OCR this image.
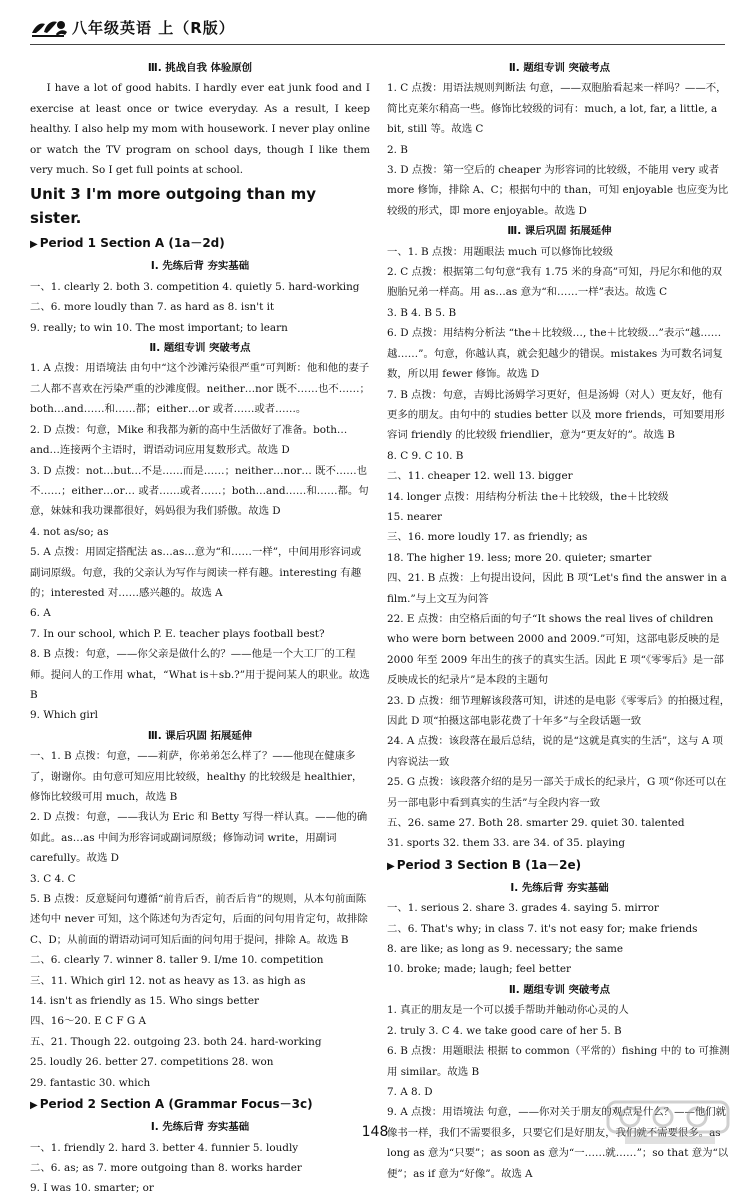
八年级英语 上（R版）
Ⅲ. 挑战自我 体验原创
I have a lot of good habits. I hardly ever eat junk food and I exercise at least once or twice everyday. As a result, I keep healthy. I also help my mom with housework. I never play online or watch the TV program on school days, though I like them very much. So I get full points at school.
Unit 3 I'm more outgoing than my sister.
▶ Period 1 Section A (1a－2d)
Ⅰ. 先练后背 夯实基础
一、1. clearly 2. both 3. competition 4. quietly 5. hard-working
二、6. more loudly than 7. as hard as 8. isn't it
9. really; to win 10. The most important; to learn
Ⅱ. 题组专训 突破考点
1. A 点拨：用语境法 由句中“这个沙滩污染很严重”可判断：他和他的妻子二人都不喜欢在污染严重的沙滩度假。neither…nor 既不……也不……；both…and……和……都；either…or 或者……或者……。
2. D 点拨：句意，Mike 和我都为新的高中生活做好了准备。both…and…连接两个主语时，谓语动词应用复数形式。故选 D
3. D 点拨：not…but…不是……而是……；neither…nor… 既不……也不……；either…or… 或者……或者……；both…and……和……都。句意，妹妹和我功课都很好，妈妈很为我们骄傲。故选 D
4. not as/so; as
5. A 点拨：用固定搭配法 as…as…意为“和……一样”，中间用形容词或副词原级。句意，我的父亲认为写作与阅读一样有趣。interesting 有趣的；interested 对……感兴趣的。故选 A
6. A
7. In our school, which P. E. teacher plays football best?
8. B 点拨：句意，——你父亲是做什么的？——他是一个大工厂的工程师。提问人的工作用 what，“What is＋sb.?”用于提问某人的职业。故选 B
9. Which girl
Ⅲ. 课后巩固 拓展延伸
一、1. B 点拨：句意，——莉萨，你弟弟怎么样了？——他现在健康多了，谢谢你。由句意可知应用比较级，healthy 的比较级是 healthier，修饰比较级可用 much，故选 B
2. D 点拨：句意，——我认为 Eric 和 Betty 写得一样认真。——他的确如此。as…as 中间为形容词或副词原级；修饰动词 write，用副词 carefully。故选 D
3. C 4. C
5. B 点拨：反意疑问句遵循“前肯后否，前否后肯”的规则，从本句前面陈述句中 never 可知，这个陈述句为否定句，后面的问句用肯定句，故排除 C、D；从前面的谓语动词可知后面的问句用于提问，排除 A。故选 B
二、6. clearly 7. winner 8. taller 9. I/me 10. competition
三、11. Which girl 12. not as heavy as 13. as high as
14. isn't as friendly as 15. Who sings better
四、16～20. E C F G A
五、21. Though 22. outgoing 23. both 24. hard-working
25. loudly 26. better 27. competitions 28. won
29. fantastic 30. which
▶ Period 2 Section A (Grammar Focus－3c)
Ⅰ. 先练后背 夯实基础
一、1. friendly 2. hard 3. better 4. funnier 5. loudly
二、6. as; as 7. more outgoing than 8. works harder
9. I was 10. smarter; or
Ⅱ. 题组专训 突破考点
1. C 点拨：用语法规则判断法 句意，——双胞胎看起来一样吗？——不，简比克莱尔稍高一些。修饰比较级的词有：much, a lot, far, a little, a bit, still 等。故选 C
2. B
3. D 点拨：第一空后的 cheaper 为形容词的比较级，不能用 very 或者 more 修饰，排除 A、C；根据句中的 than，可知 enjoyable 也应变为比较级的形式，即 more enjoyable。故选 D
Ⅲ. 课后巩固 拓展延伸
一、1. B 点拨：用题眼法 much 可以修饰比较级
2. C 点拨：根据第二句句意“我有 1.75 米的身高”可知，丹尼尔和他的双胞胎兄弟一样高。用 as…as 意为“和……一样”表达。故选 C
3. B 4. B 5. B
6. D 点拨：用结构分析法 “the＋比较级…, the＋比较级…”表示“越……越……”。句意，你越认真，就会犯越少的错误。mistakes 为可数名词复数，所以用 fewer 修饰。故选 D
7. B 点拨：句意，吉姆比汤姆学习更好，但是汤姆（对人）更友好，他有更多的朋友。由句中的 studies better 以及 more friends，可知要用形容词 friendly 的比较级 friendlier，意为“更友好的”。故选 B
8. C 9. C 10. B
二、11. cheaper 12. well 13. bigger
14. longer 点拨：用结构分析法 the＋比较级，the＋比较级
15. nearer
三、16. more loudly 17. as friendly; as
18. The higher 19. less; more 20. quieter; smarter
四、21. B 点拨：上句提出设问，因此 B 项“Let's find the answer in a film.”与上文互为问答
22. E 点拨：由空格后面的句子“It shows the real lives of children who were born between 2000 and 2009.”可知，这部电影反映的是 2000 年至 2009 年出生的孩子的真实生活。因此 E 项“《零零后》是一部反映成长的纪录片”是本段的主题句
23. D 点拨：细节理解该段落可知，讲述的是电影《零零后》的拍摄过程，因此 D 项“拍摄这部电影花费了十年多”与全段话题一致
24. A 点拨：该段落在最后总结，说的是“这就是真实的生活”，这与 A 项内容说法一致
25. G 点拨：该段落介绍的是另一部关于成长的纪录片，G 项“你还可以在另一部电影中看到真实的生活”与全段内容一致
五、26. same 27. Both 28. smarter 29. quiet 30. talented
31. sports 32. them 33. are 34. of 35. playing
▶ Period 3 Section B (1a－2e)
Ⅰ. 先练后背 夯实基础
一、1. serious 2. share 3. grades 4. saying 5. mirror
二、6. That's why; in class 7. it's not easy for; make friends
8. are like; as long as 9. necessary; the same
10. broke; made; laugh; feel better
Ⅱ. 题组专训 突破考点
1. 真正的朋友是一个可以援手帮助并触动你心灵的人
2. truly 3. C 4. we take good care of her 5. B
6. B 点拨：用题眼法 根据 to common（平常的）fishing 中的 to 可推测用 similar。故选 B
7. A 8. D
9. A 点拨：用语境法 句意，——你对关于朋友的观点是什么？——他们就像书一样，我们不需要很多，只要它们是好朋友，我们就不需要很多。as long as 意为“只要”；as soon as 意为“一……就……”；so that 意为“以便”；as if 意为“好像”。故选 A
148
